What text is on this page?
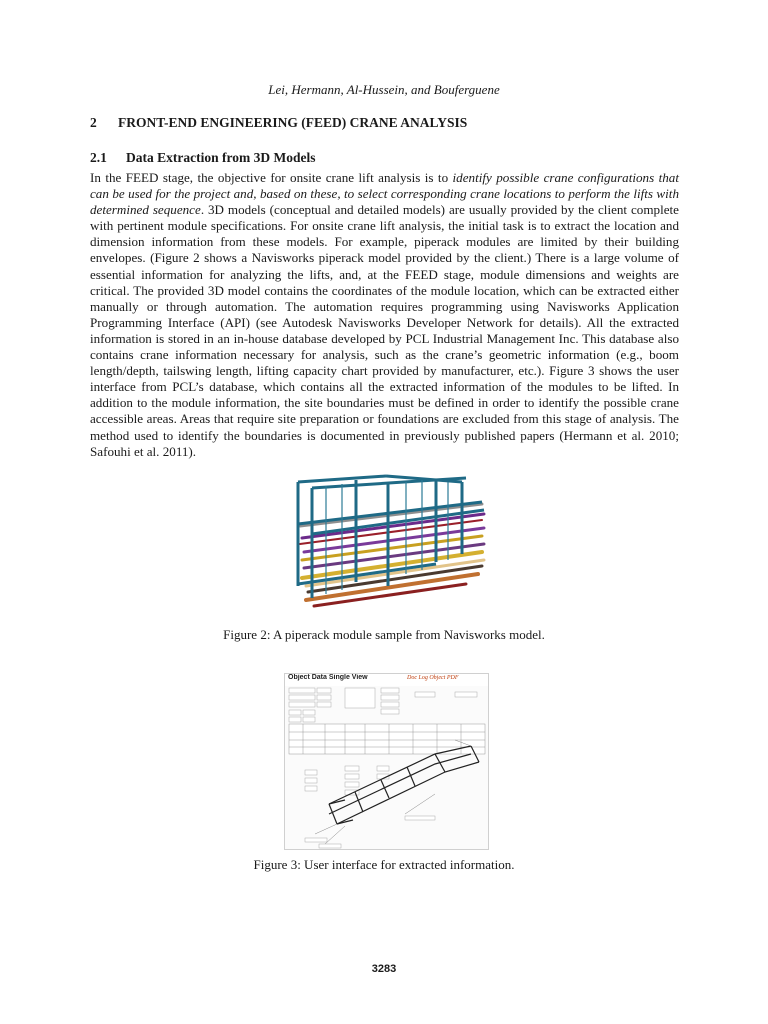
Lei, Hermann, Al-Hussein, and Bouferguene
2 FRONT-END ENGINEERING (FEED) CRANE ANALYSIS
2.1 Data Extraction from 3D Models

In the FEED stage, the objective for onsite crane lift analysis is to identify possible crane configurations that can be used for the project and, based on these, to select corresponding crane locations to perform the lifts with determined sequence. 3D models (conceptual and detailed models) are usually provided by the client complete with pertinent module specifications. For onsite crane lift analysis, the initial task is to extract the location and dimension information from these models. For example, piperack modules are limited by their building envelopes. (Figure 2 shows a Navisworks piperack model provided by the client.) There is a large volume of essential information for analyzing the lifts, and, at the FEED stage, module dimensions and weights are critical. The provided 3D model contains the coordinates of the module location, which can be extracted either manually or through automation. The automation requires programming using Navisworks Application Programming Interface (API) (see Autodesk Navisworks Developer Network for details). All the extracted information is stored in an in-house database developed by PCL Industrial Management Inc. This database also contains crane information necessary for analysis, such as the crane’s geometric information (e.g., boom length/depth, tailswing length, lifting capacity chart provided by manufacturer, etc.). Figure 3 shows the user interface from PCL’s database, which contains all the extracted information of the modules to be lifted. In addition to the module information, the site boundaries must be defined in order to identify the possible crane accessible areas. Areas that require site preparation or foundations are excluded from this stage of analysis. The method used to identify the boundaries is documented in previously published papers (Hermann et al. 2010; Safouhi et al. 2011).

Figure 2: A piperack module sample from Navisworks model.
Object Data Single View	Doc Log Object PDF
Figure 3: User interface for extracted information.
3283
